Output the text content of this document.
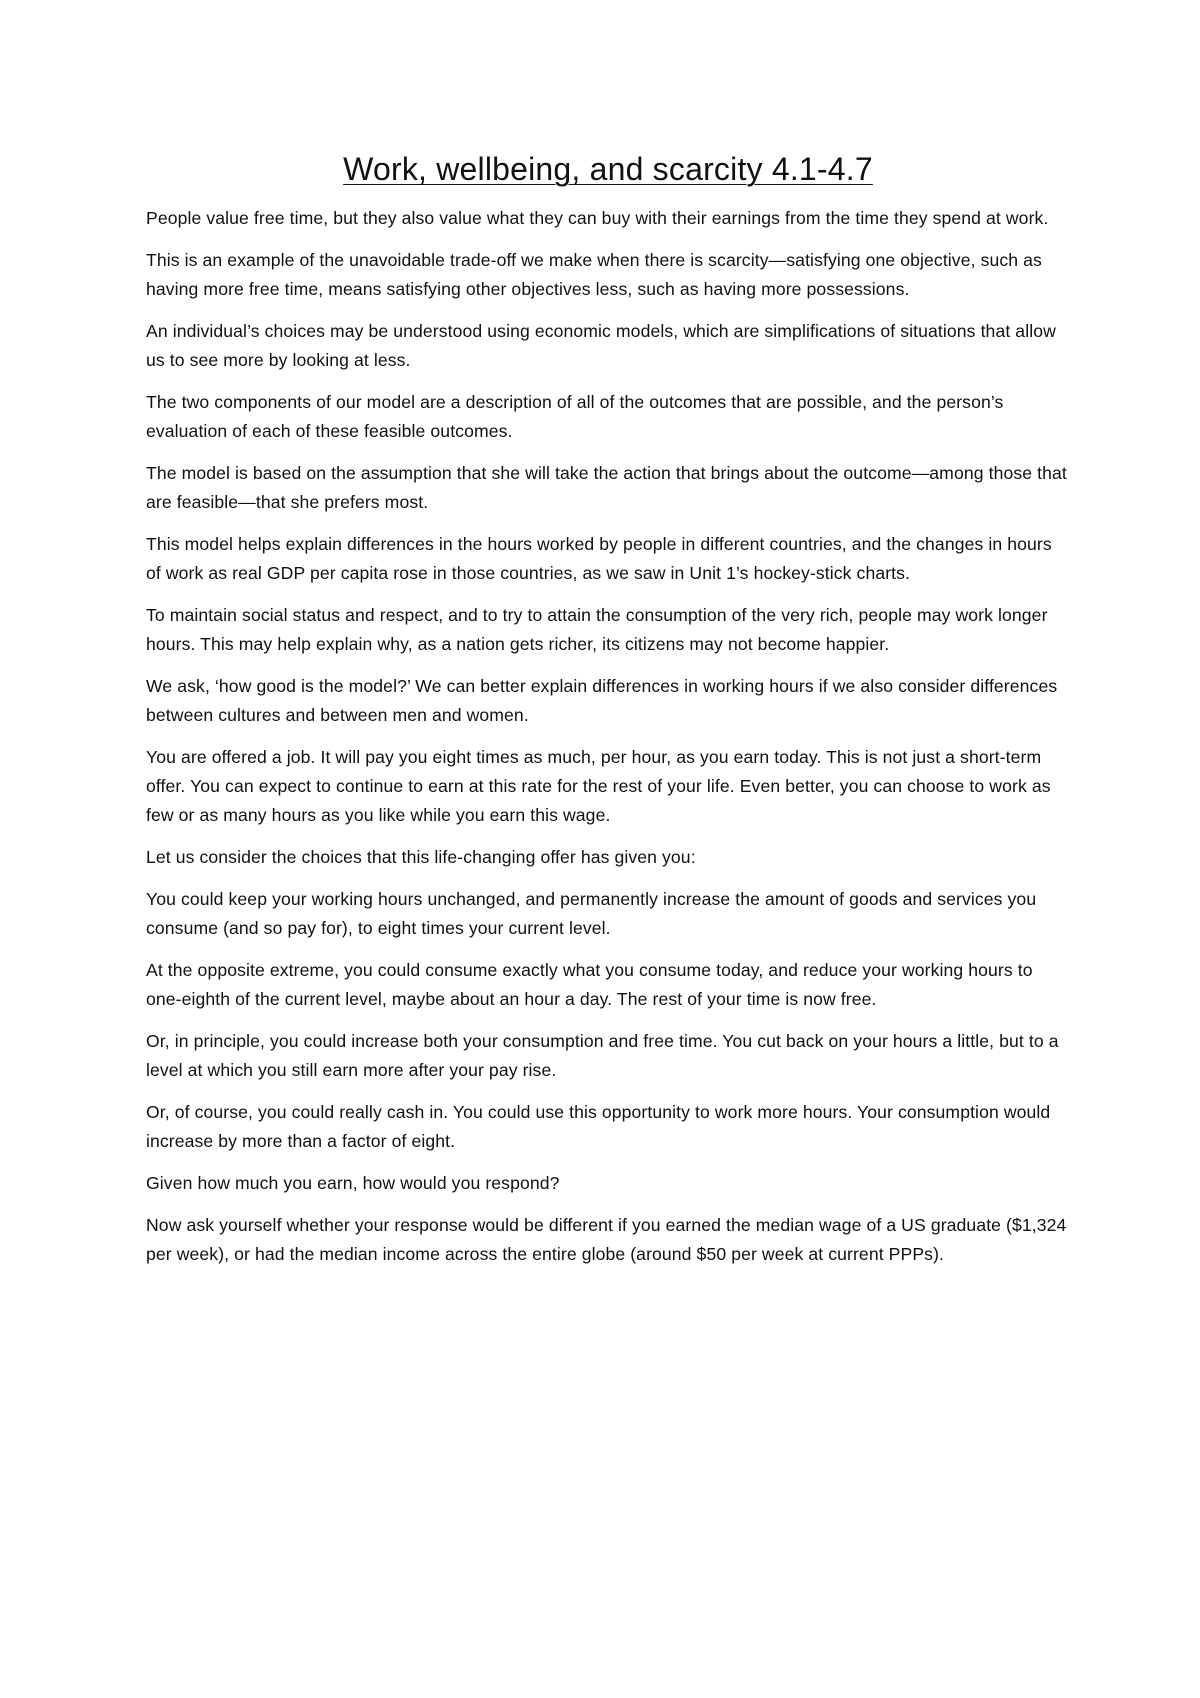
Work, wellbeing, and scarcity 4.1-4.7

People value free time, but they also value what they can buy with their earnings from the time they spend at work.

This is an example of the unavoidable trade-off we make when there is scarcity—satisfying one objective, such as having more free time, means satisfying other objectives less, such as having more possessions.

An individual’s choices may be understood using economic models, which are simplifications of situations that allow us to see more by looking at less.

The two components of our model are a description of all of the outcomes that are possible, and the person’s evaluation of each of these feasible outcomes.

The model is based on the assumption that she will take the action that brings about the outcome—among those that are feasible—that she prefers most.

This model helps explain differences in the hours worked by people in different countries, and the changes in hours of work as real GDP per capita rose in those countries, as we saw in Unit 1’s hockey-stick charts.

To maintain social status and respect, and to try to attain the consumption of the very rich, people may work longer hours. This may help explain why, as a nation gets richer, its citizens may not become happier.

We ask, ‘how good is the model?’ We can better explain differences in working hours if we also consider differences between cultures and between men and women.

You are offered a job. It will pay you eight times as much, per hour, as you earn today. This is not just a short-term offer. You can expect to continue to earn at this rate for the rest of your life. Even better, you can choose to work as few or as many hours as you like while you earn this wage.

Let us consider the choices that this life-changing offer has given you:

You could keep your working hours unchanged, and permanently increase the amount of goods and services you consume (and so pay for), to eight times your current level.

At the opposite extreme, you could consume exactly what you consume today, and reduce your working hours to one-eighth of the current level, maybe about an hour a day. The rest of your time is now free.

Or, in principle, you could increase both your consumption and free time. You cut back on your hours a little, but to a level at which you still earn more after your pay rise.

Or, of course, you could really cash in. You could use this opportunity to work more hours. Your consumption would increase by more than a factor of eight.

Given how much you earn, how would you respond?

Now ask yourself whether your response would be different if you earned the median wage of a US graduate ($1,324 per week), or had the median income across the entire globe (around $50 per week at current PPPs).
